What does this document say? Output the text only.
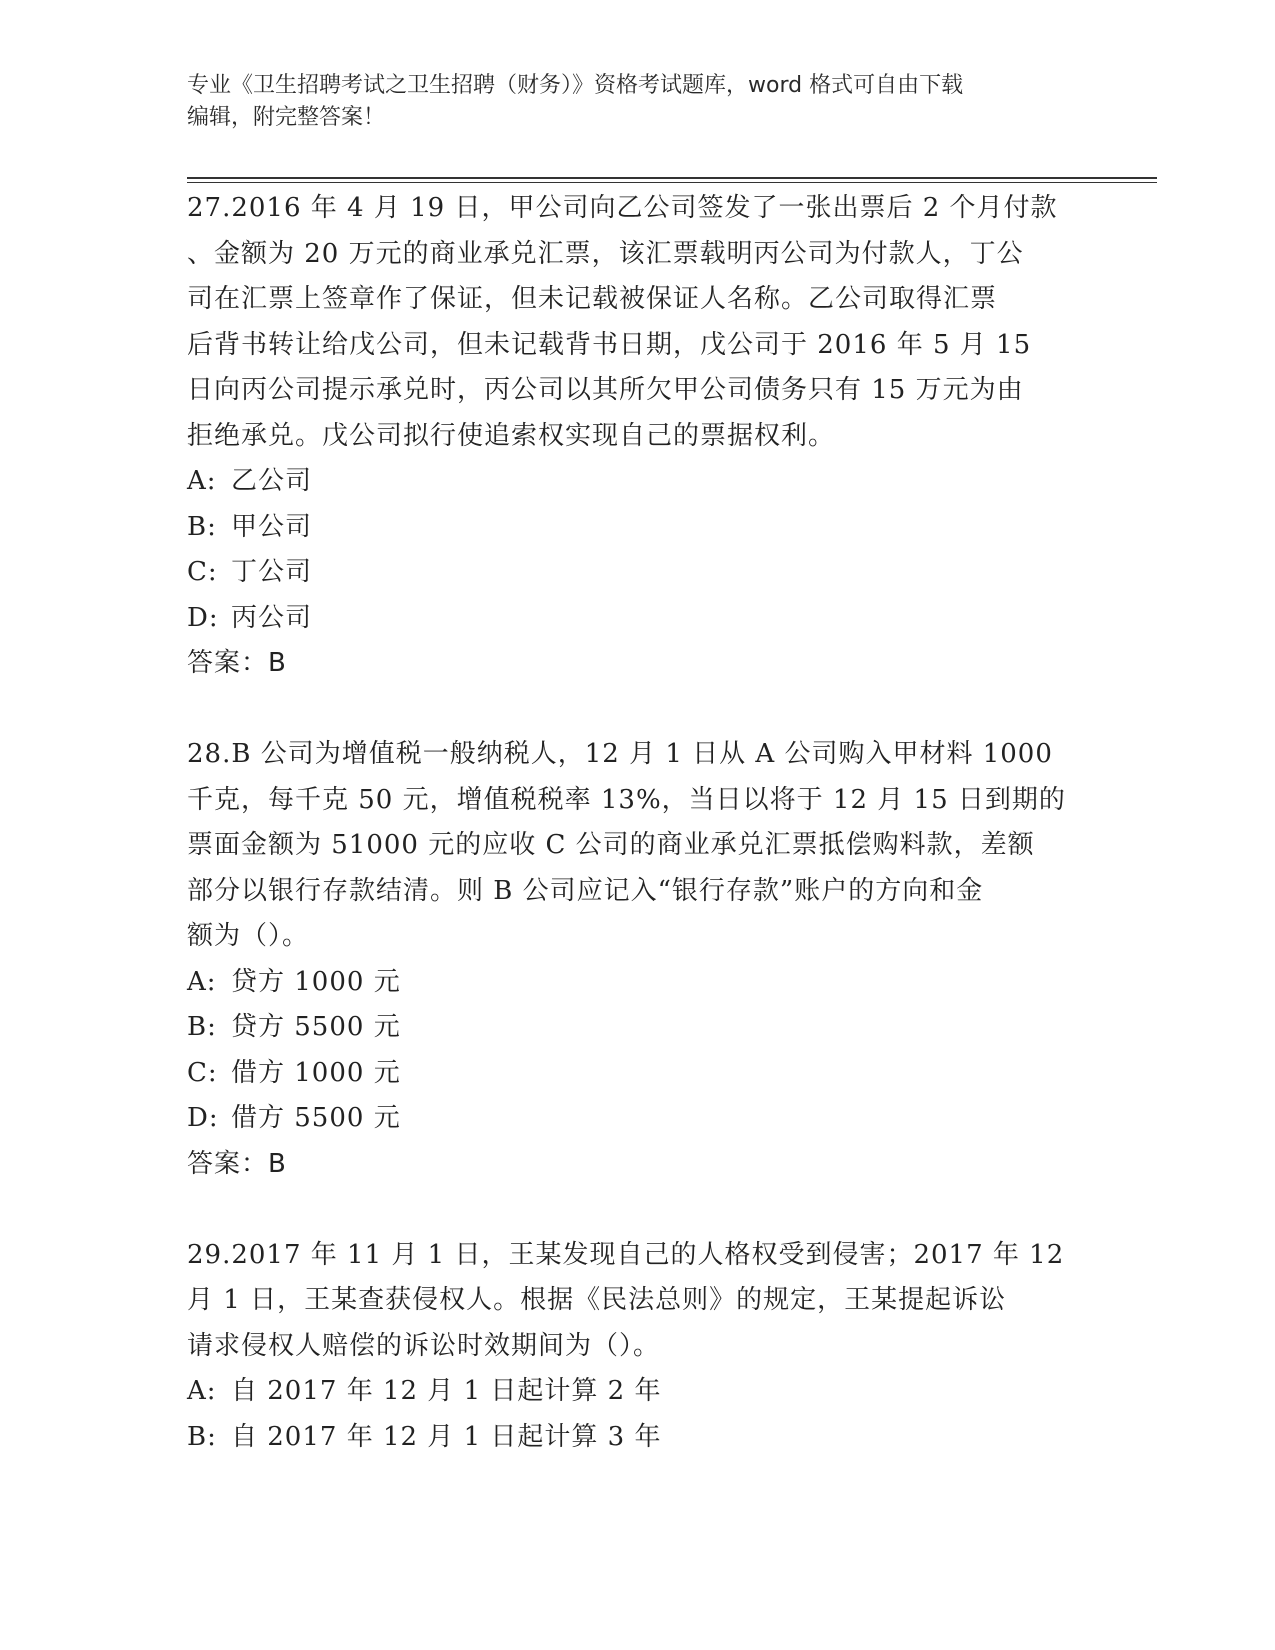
专业《卫生招聘考试之卫生招聘（财务）》资格考试题库，word 格式可自由下载
编辑，附完整答案！

27.2016 年 4 月 19 日，甲公司向乙公司签发了一张出票后 2 个月付款
、金额为 20 万元的商业承兑汇票，该汇票载明丙公司为付款人，丁公
司在汇票上签章作了保证，但未记载被保证人名称。乙公司取得汇票
后背书转让给戊公司，但未记载背书日期，戊公司于 2016 年 5 月 15
日向丙公司提示承兑时，丙公司以其所欠甲公司债务只有 15 万元为由
拒绝承兑。戊公司拟行使追索权实现自己的票据权利。

A: 乙公司

B: 甲公司

C: 丁公司

D: 丙公司

答案：B

28.B 公司为增值税一般纳税人，12 月 1 日从 A 公司购入甲材料 1000
千克，每千克 50 元，增值税税率 13%，当日以将于 12 月 15 日到期的
票面金额为 51000 元的应收 C 公司的商业承兑汇票抵偿购料款，差额
部分以银行存款结清。则 B 公司应记入“银行存款”账户的方向和金
额为（）。

A: 贷方 1000 元

B: 贷方 5500 元

C: 借方 1000 元

D: 借方 5500 元

答案：B

29.2017 年 11 月 1 日，王某发现自己的人格权受到侵害；2017 年 12
月 1 日，王某查获侵权人。根据《民法总则》的规定，王某提起诉讼
请求侵权人赔偿的诉讼时效期间为（）。

A: 自 2017 年 12 月 1 日起计算 2 年

B: 自 2017 年 12 月 1 日起计算 3 年
